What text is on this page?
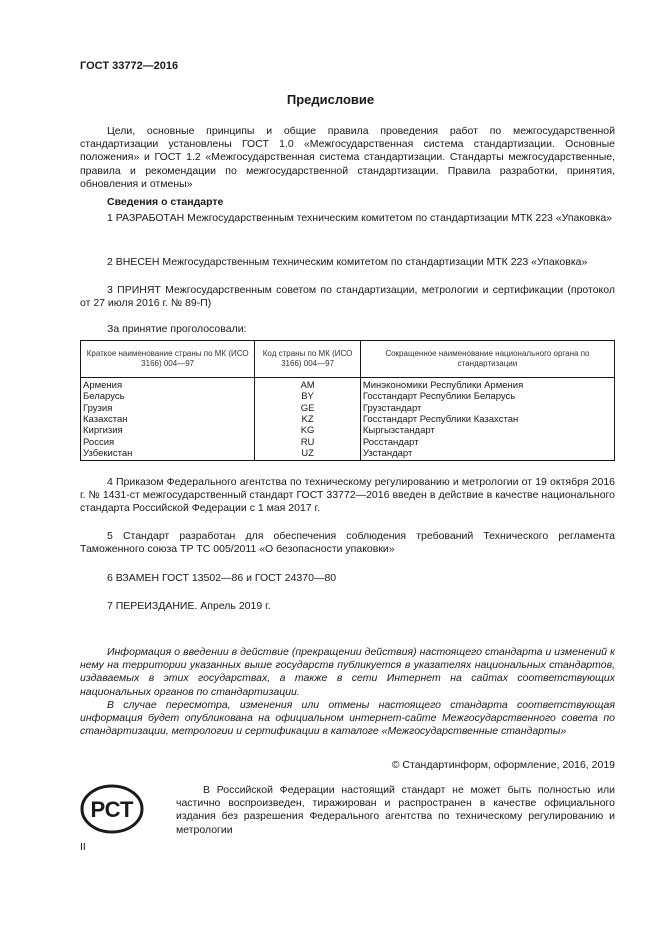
ГОСТ 33772—2016
Предисловие
Цели, основные принципы и общие правила проведения работ по межгосударственной стандартизации установлены ГОСТ 1.0 «Межгосударственная система стандартизации. Основные положения» и ГОСТ 1.2 «Межгосударственная система стандартизации. Стандарты межгосударственные, правила и рекомендации по межгосударственной стандартизации. Правила разработки, принятия, обновления и отмены»
Сведения о стандарте
1 РАЗРАБОТАН Межгосударственным техническим комитетом по стандартизации МТК 223 «Упаковка»
2 ВНЕСЕН Межгосударственным техническим комитетом по стандартизации МТК 223 «Упаковка»
3 ПРИНЯТ Межгосударственным советом по стандартизации, метрологии и сертификации (протокол от 27 июля 2016 г. № 89-П)
За принятие проголосовали:
Краткое наименование страны по МК (ИСО 3166) 004—97	Код страны по МК (ИСО 3166) 004—97	Сокращенное наименование национального органа по стандартизации
Армения	AM	Минэкономики Республики Армения
Беларусь	BY	Госстандарт Республики Беларусь
Грузия	GE	Грузстандарт
Казахстан	KZ	Госстандарт Республики Казахстан
Киргизия	KG	Кыргызстандарт
Россия	RU	Росстандарт
Узбекистан	UZ	Узстандарт
4 Приказом Федерального агентства по техническому регулированию и метрологии от 19 октября 2016 г. № 1431-ст межгосударственный стандарт ГОСТ 33772—2016 введен в действие в качестве национального стандарта Российской Федерации с 1 мая 2017 г.
5 Стандарт разработан для обеспечения соблюдения требований Технического регламента Таможенного союза ТР ТС 005/2011 «О безопасности упаковки»
6 ВЗАМЕН ГОСТ 13502—86 и ГОСТ 24370—80
7 ПЕРЕИЗДАНИЕ. Апрель 2019 г.

Информация о введении в действие (прекращении действия) настоящего стандарта и изменений к нему на территории указанных выше государств публикуется в указателях национальных стандартов, издаваемых в этих государствах, а также в сети Интернет на сайтах соответствующих национальных органов по стандартизации.

В случае пересмотра, изменения или отмены настоящего стандарта соответствующая информация будет опубликована на официальном интернет-сайте Межгосударственного совета по стандартизации, метрологии и сертификации в каталоге «Межгосударственные стандарты»

© Стандартинформ, оформление, 2016, 2019
РСТ
В Российской Федерации настоящий стандарт не может быть полностью или частично воспроизведен, тиражирован и распространен в качестве официального издания без разрешения Федерального агентства по техническому регулированию и метрологии
II
